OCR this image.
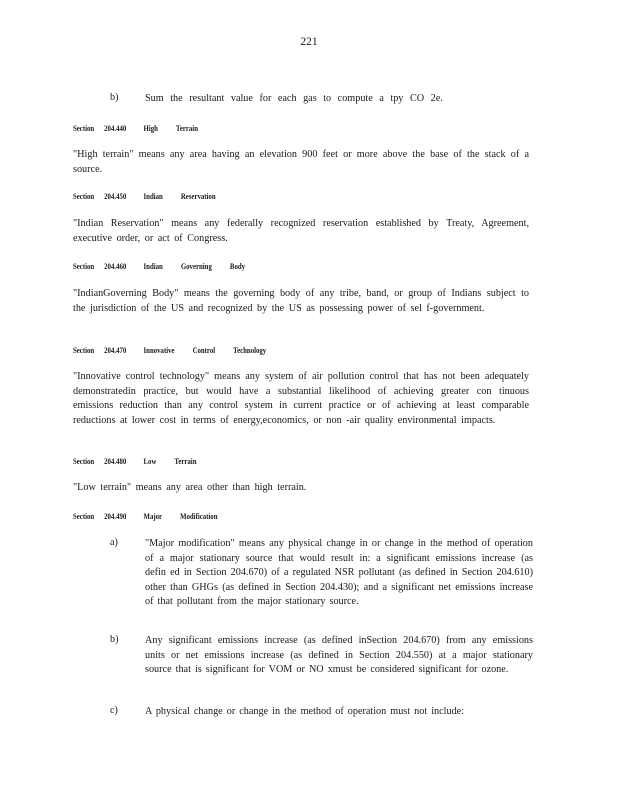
221
b)	Sum the resultant value for each gas to compute a tpy CO 2e.
Section 204.440 High Terrain
"High terrain" means any area having an elevation 900 feet or more above the base of the stack of a source.
Section 204.450 Indian Reservation
"Indian Reservation" means any federally recognized reservation established by Treaty, Agreement, executive order, or act of Congress.
Section 204.460 Indian Governing Body
"IndianGoverning Body" means the governing body of any tribe, band, or group of Indians subject to the jurisdiction of the US and recognized by the US as possessing power of sel f-government.
Section 204.470 Innovative Control Technology
"Innovative control technology" means any system of air pollution control that has not been adequately demonstratedin practice, but would have a substantial likelihood of achieving greater con tinuous emissions reduction than any control system in current practice or of achieving at least comparable reductions at lower cost in terms of energy,economics, or non -air quality environmental impacts.
Section 204.480 Low Terrain
"Low terrain" means any area other than high terrain.
Section 204.490 Major Modification
a)	"Major modification" means any physical change in or change in the method of operation of a major stationary source that would result in: a significant emissions increase (as defin ed in Section 204.670) of a regulated NSR pollutant (as defined in Section 204.610) other than GHGs (as defined in Section 204.430); and a significant net emissions increase of that pollutant from the major stationary source.
b)	Any significant emissions increase (as defined inSection 204.670) from any emissions units or net emissions increase (as defined in Section 204.550) at a major stationary source that is significant for VOM or NO xmust be considered significant for ozone.
c)	A physical change or change in the method of operation must not include:
